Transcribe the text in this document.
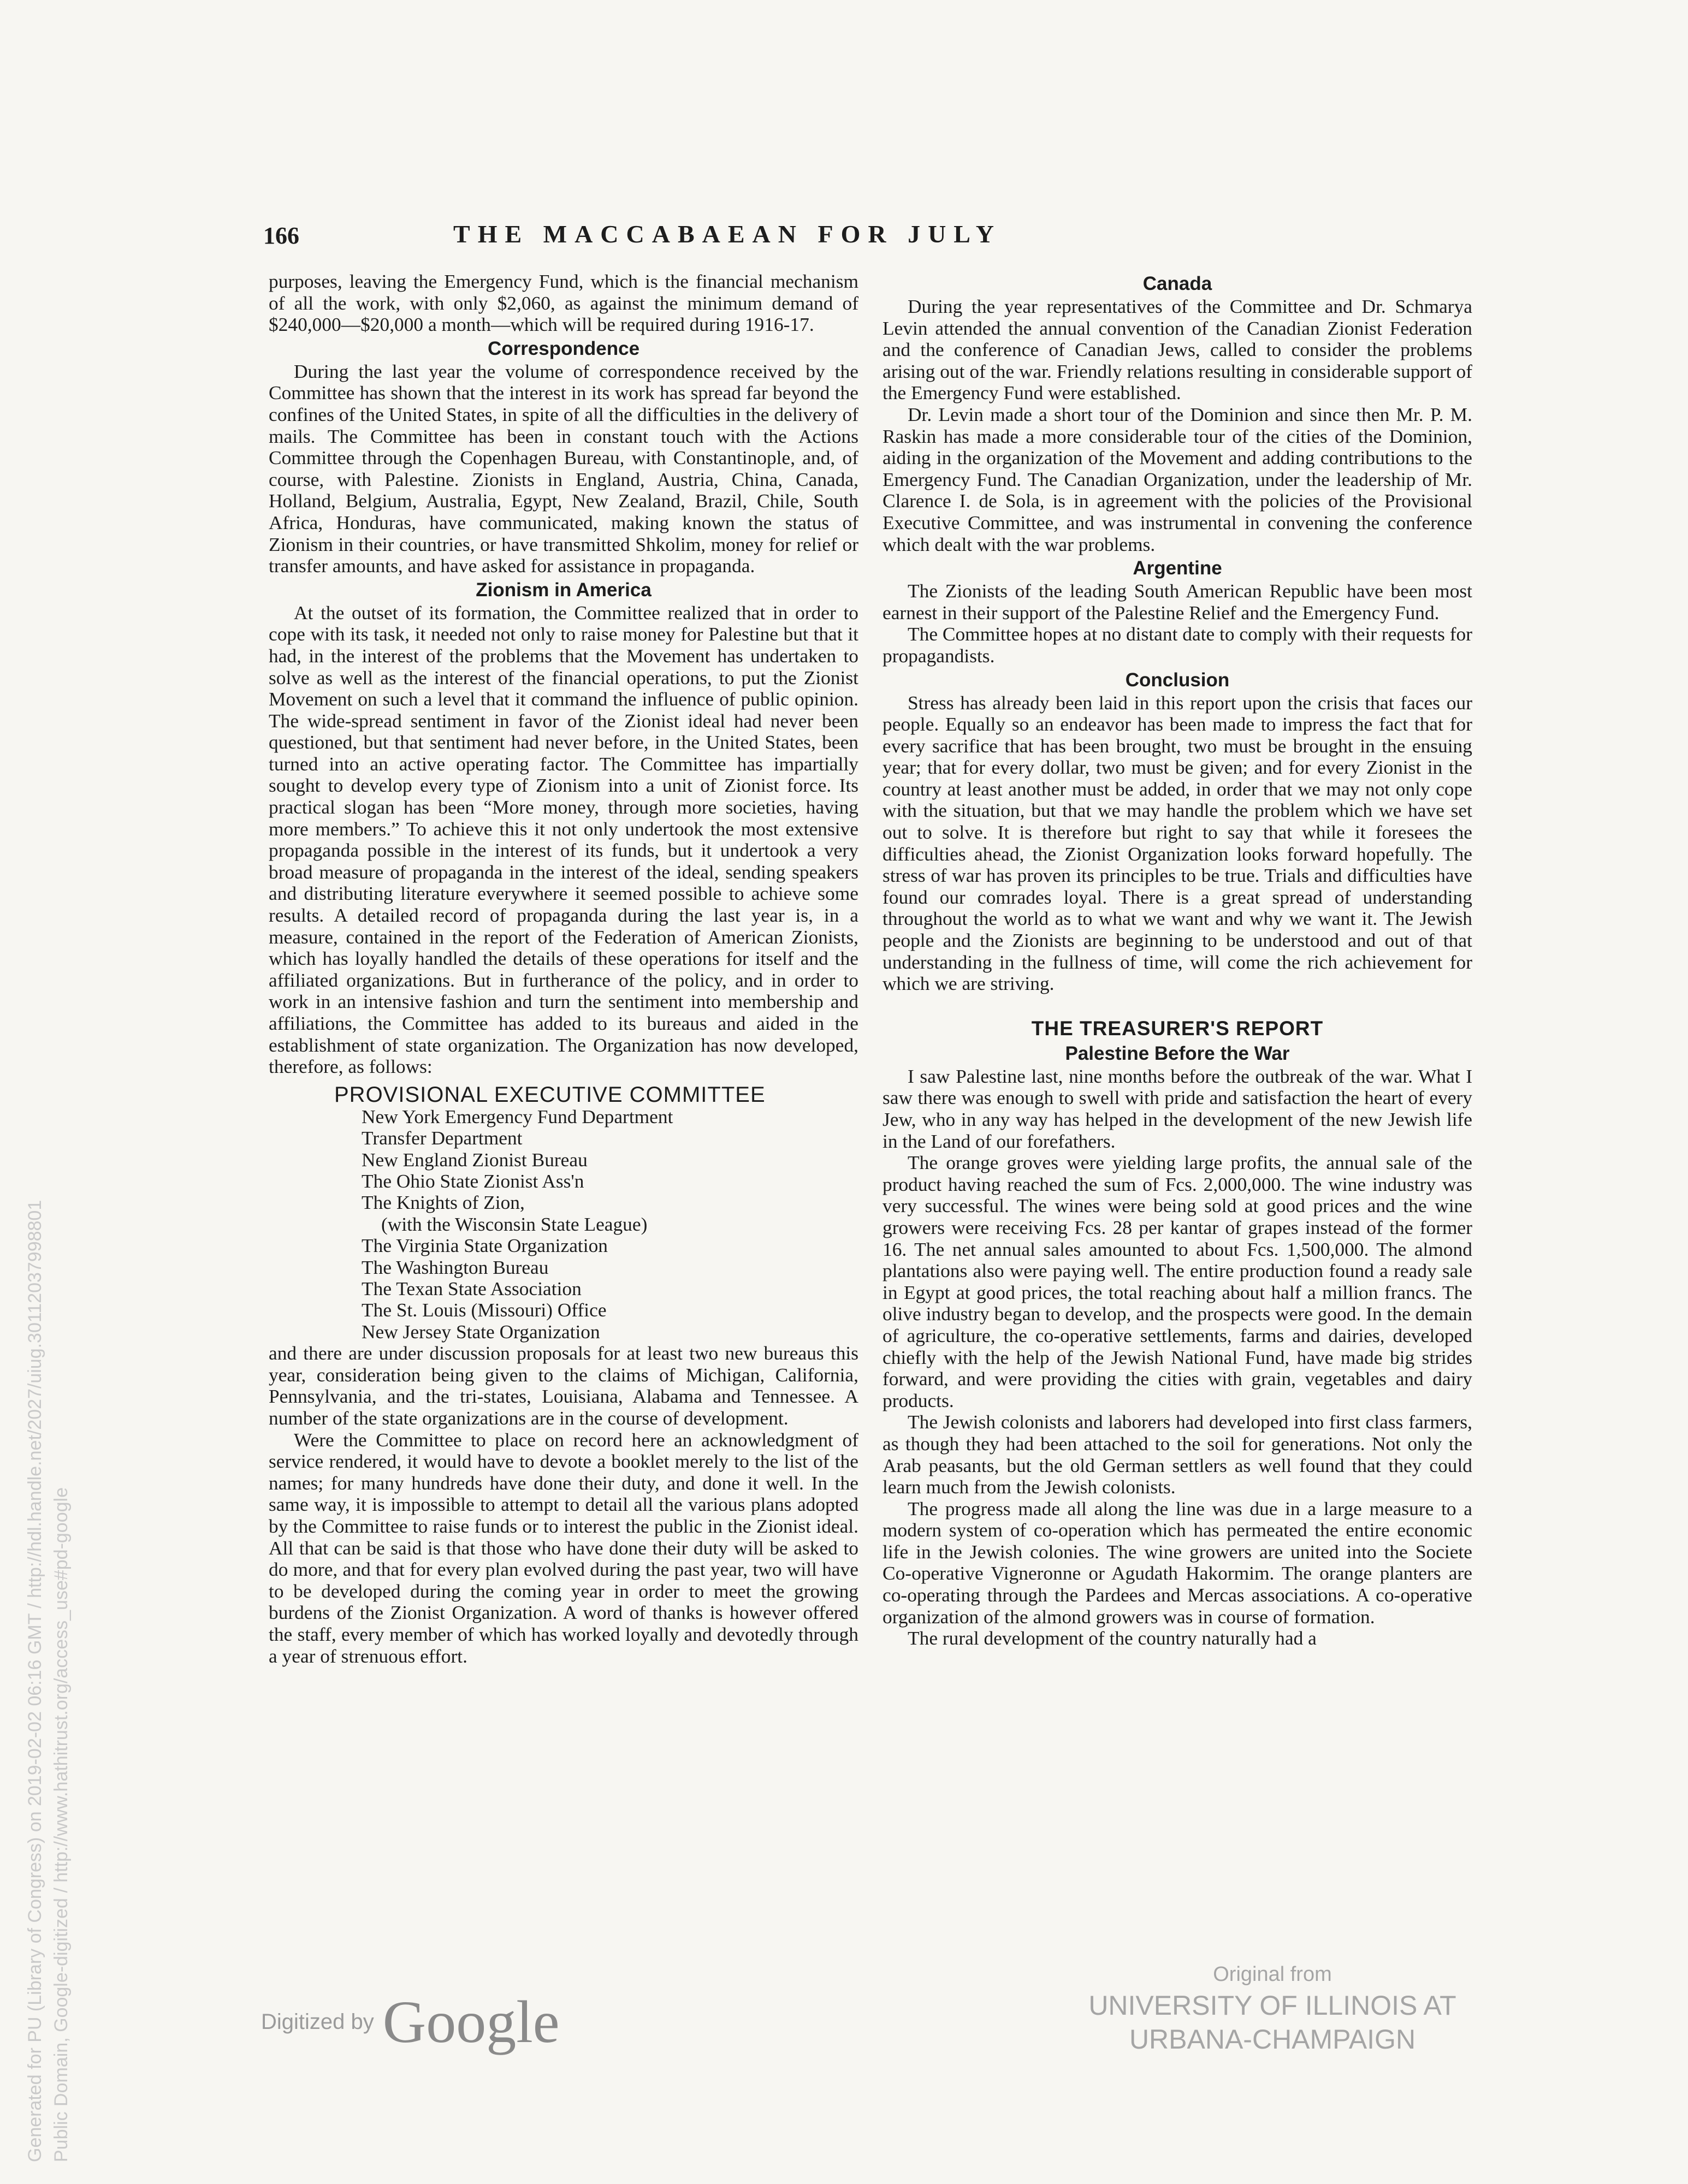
Generated for PU (Library of Congress) on 2019-02-02 06:16 GMT / http://hdl.handle.net/2027/uiug.30112037998801 Public Domain, Google-digitized / http://www.hathitrust.org/access_use#pd-google
166	THE MACCABAEAN FOR JULY

purposes, leaving the Emergency Fund, which is the financial mechanism of all the work, with only $2,060, as against the minimum demand of $240,000—$20,000 a month—which will be required during 1916-17.

Correspondence

During the last year the volume of correspondence received by the Committee has shown that the interest in its work has spread far beyond the confines of the United States, in spite of all the difficulties in the delivery of mails. The Committee has been in constant touch with the Actions Committee through the Copenhagen Bureau, with Constantinople, and, of course, with Palestine. Zionists in England, Austria, China, Canada, Holland, Belgium, Australia, Egypt, New Zealand, Brazil, Chile, South Africa, Honduras, have communicated, making known the status of Zionism in their countries, or have transmitted Shkolim, money for relief or transfer amounts, and have asked for assistance in propaganda.

Zionism in America

At the outset of its formation, the Committee realized that in order to cope with its task, it needed not only to raise money for Palestine but that it had, in the interest of the problems that the Movement has undertaken to solve as well as the interest of the financial operations, to put the Zionist Movement on such a level that it command the influence of public opinion. The wide-spread sentiment in favor of the Zionist ideal had never been questioned, but that sentiment had never before, in the United States, been turned into an active operating factor. The Committee has impartially sought to develop every type of Zionism into a unit of Zionist force. Its practical slogan has been “More money, through more societies, having more members.” To achieve this it not only undertook the most extensive propaganda possible in the interest of its funds, but it undertook a very broad measure of propaganda in the interest of the ideal, sending speakers and distributing literature everywhere it seemed possible to achieve some results. A detailed record of propaganda during the last year is, in a measure, contained in the report of the Federation of American Zionists, which has loyally handled the details of these operations for itself and the affiliated organizations. But in furtherance of the policy, and in order to work in an intensive fashion and turn the sentiment into membership and affiliations, the Committee has added to its bureaus and aided in the establishment of state organization. The Organization has now developed, therefore, as follows:

PROVISIONAL EXECUTIVE COMMITTEE
New York Emergency Fund Department
Transfer Department
New England Zionist Bureau
The Ohio State Zionist Ass'n
The Knights of Zion,
(with the Wisconsin State League)
The Virginia State Organization
The Washington Bureau
The Texan State Association
The St. Louis (Missouri) Office
New Jersey State Organization

and there are under discussion proposals for at least two new bureaus this year, consideration being given to the claims of Michigan, California, Pennsylvania, and the tri-states, Louisiana, Alabama and Tennessee. A number of the state organizations are in the course of development.

Were the Committee to place on record here an acknowledgment of service rendered, it would have to devote a booklet merely to the list of the names; for many hundreds have done their duty, and done it well. In the same way, it is impossible to attempt to detail all the various plans adopted by the Committee to raise funds or to interest the public in the Zionist ideal. All that can be said is that those who have done their duty will be asked to do more, and that for every plan evolved during the past year, two will have to be developed during the coming year in order to meet the growing burdens of the Zionist Organization. A word of thanks is however offered the staff, every member of which has worked loyally and devotedly through a year of strenuous effort.

Canada

During the year representatives of the Committee and Dr. Schmarya Levin attended the annual convention of the Canadian Zionist Federation and the conference of Canadian Jews, called to consider the problems arising out of the war. Friendly relations resulting in considerable support of the Emergency Fund were established.

Dr. Levin made a short tour of the Dominion and since then Mr. P. M. Raskin has made a more considerable tour of the cities of the Dominion, aiding in the organization of the Movement and adding contributions to the Emergency Fund. The Canadian Organization, under the leadership of Mr. Clarence I. de Sola, is in agreement with the policies of the Provisional Executive Committee, and was instrumental in convening the conference which dealt with the war problems.

Argentine

The Zionists of the leading South American Republic have been most earnest in their support of the Palestine Relief and the Emergency Fund.

The Committee hopes at no distant date to comply with their requests for propagandists.

Conclusion

Stress has already been laid in this report upon the crisis that faces our people. Equally so an endeavor has been made to impress the fact that for every sacrifice that has been brought, two must be brought in the ensuing year; that for every dollar, two must be given; and for every Zionist in the country at least another must be added, in order that we may not only cope with the situation, but that we may handle the problem which we have set out to solve. It is therefore but right to say that while it foresees the difficulties ahead, the Zionist Organization looks forward hopefully. The stress of war has proven its principles to be true. Trials and difficulties have found our comrades loyal. There is a great spread of understanding throughout the world as to what we want and why we want it. The Jewish people and the Zionists are beginning to be understood and out of that understanding in the fullness of time, will come the rich achievement for which we are striving.

THE TREASURER'S REPORT
Palestine Before the War

I saw Palestine last, nine months before the outbreak of the war. What I saw there was enough to swell with pride and satisfaction the heart of every Jew, who in any way has helped in the development of the new Jewish life in the Land of our forefathers.

The orange groves were yielding large profits, the annual sale of the product having reached the sum of Fcs. 2,000,000. The wine industry was very successful. The wines were being sold at good prices and the wine growers were receiving Fcs. 28 per kantar of grapes instead of the former 16. The net annual sales amounted to about Fcs. 1,500,000. The almond plantations also were paying well. The entire production found a ready sale in Egypt at good prices, the total reaching about half a million francs. The olive industry began to develop, and the prospects were good. In the demain of agriculture, the co-operative settlements, farms and dairies, developed chiefly with the help of the Jewish National Fund, have made big strides forward, and were providing the cities with grain, vegetables and dairy products.

The Jewish colonists and laborers had developed into first class farmers, as though they had been attached to the soil for generations. Not only the Arab peasants, but the old German settlers as well found that they could learn much from the Jewish colonists.

The progress made all along the line was due in a large measure to a modern system of co-operation which has permeated the entire economic life in the Jewish colonies. The wine growers are united into the Societe Co-operative Vigneronne or Agudath Hakormim. The orange planters are co-operating through the Pardees and Mercas associations. A co-operative organization of the almond growers was in course of formation.

The rural development of the country naturally had a

Digitized by Google
Original from
UNIVERSITY OF ILLINOIS AT
URBANA-CHAMPAIGN
